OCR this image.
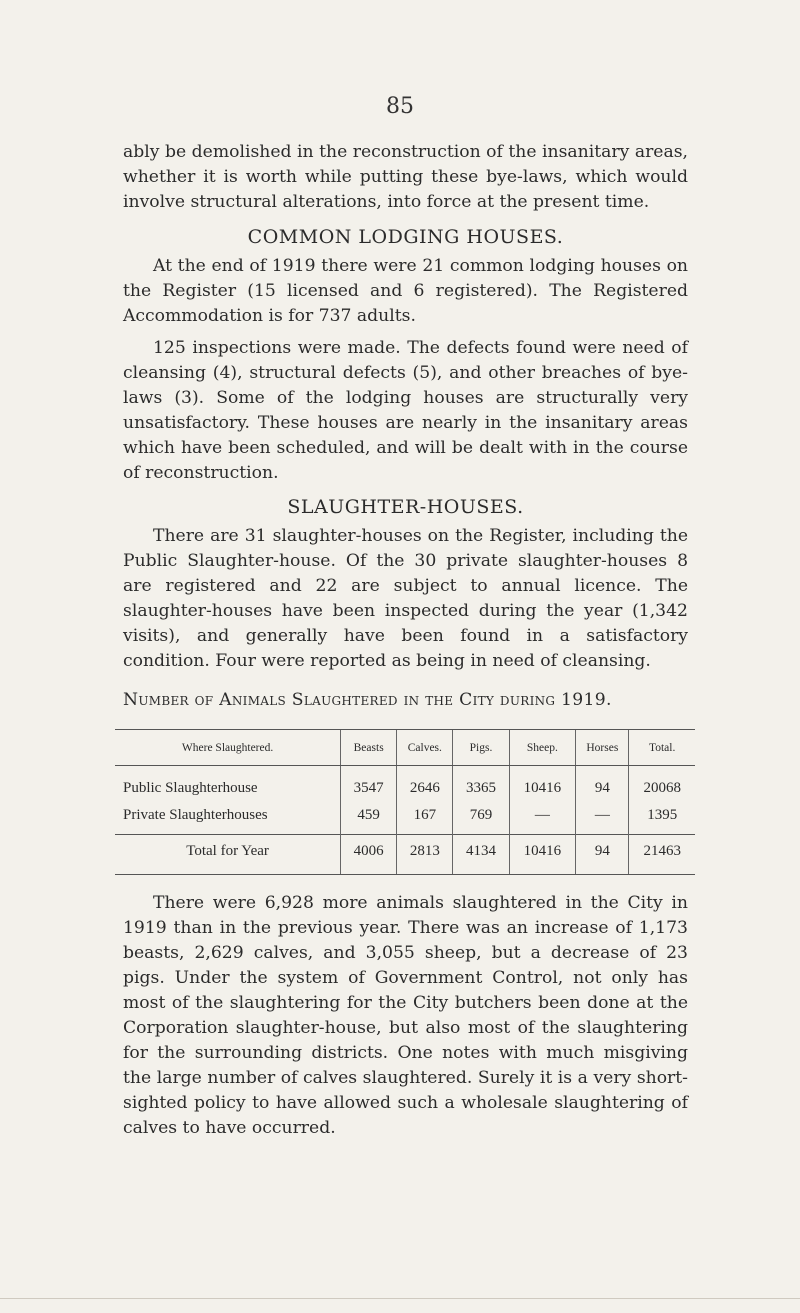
85

ably be demolished in the reconstruction of the insanitary areas, whether it is worth while putting these bye-laws, which would involve structural alterations, into force at the present time.

COMMON LODGING HOUSES.

At the end of 1919 there were 21 common lodging houses on the Register (15 licensed and 6 registered). The Registered Accommodation is for 737 adults.

125 inspections were made. The defects found were need of cleansing (4), structural defects (5), and other breaches of bye-laws (3). Some of the lodging houses are structurally very unsatisfactory. These houses are nearly in the insanitary areas which have been scheduled, and will be dealt with in the course of reconstruction.

SLAUGHTER-HOUSES.

There are 31 slaughter-houses on the Register, including the Public Slaughter-house. Of the 30 private slaughter-houses 8 are registered and 22 are subject to annual licence. The slaughter-houses have been inspected during the year (1,342 visits), and generally have been found in a satisfactory condition. Four were reported as being in need of cleansing.

Number of Animals Slaughtered in the City during 1919.
Where Slaughtered.	Beasts	Calves.	Pigs.	Sheep.	Horses	Total.
Public Slaughterhouse	3547	2646	3365	10416	94	20068
Private Slaughterhouses	459	167	769	—	—	1395
Total for Year	4006	2813	4134	10416	94	21463

There were 6,928 more animals slaughtered in the City in 1919 than in the previous year. There was an increase of 1,173 beasts, 2,629 calves, and 3,055 sheep, but a decrease of 23 pigs. Under the system of Government Control, not only has most of the slaughtering for the City butchers been done at the Corporation slaughter-house, but also most of the slaughtering for the surrounding districts. One notes with much misgiving the large number of calves slaughtered. Surely it is a very short-sighted policy to have allowed such a wholesale slaughtering of calves to have occurred.
